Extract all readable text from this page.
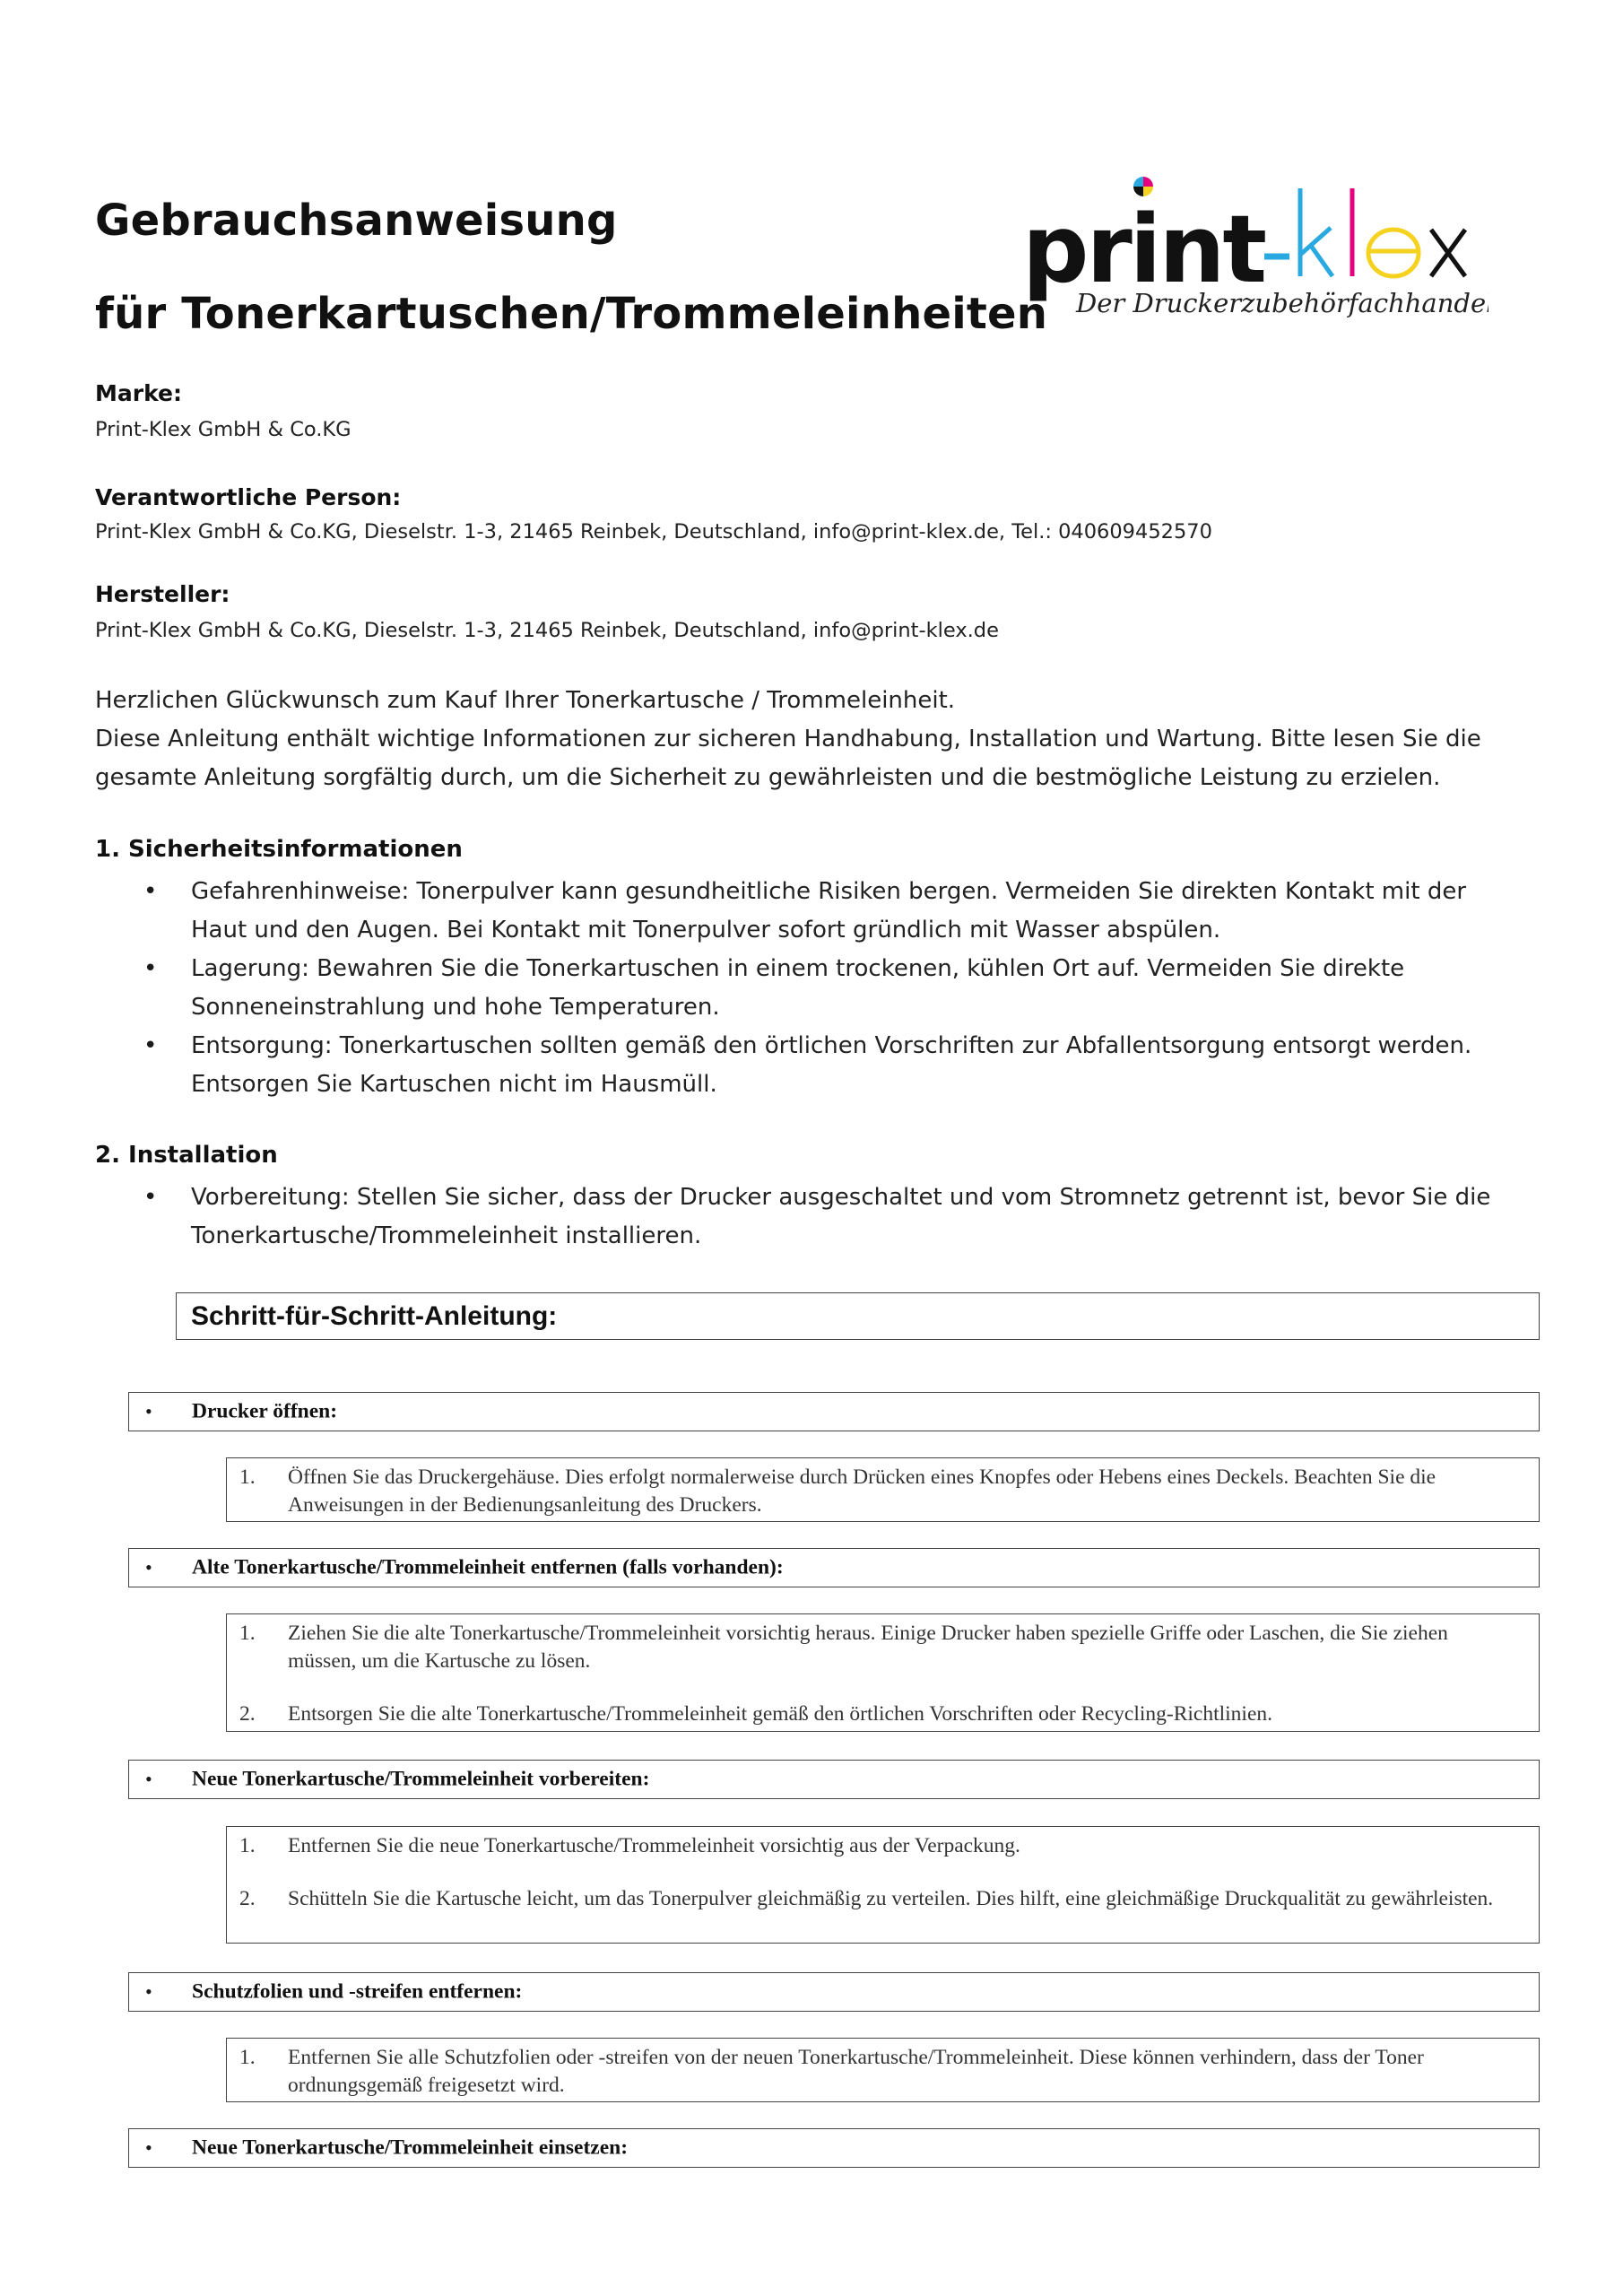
Gebrauchsanweisung
für Tonerkartuschen/Trommeleinheiten
print
Der Druckerzubehörfachhandel
Marke:
Print-Klex GmbH & Co.KG
Verantwortliche Person:
Print-Klex GmbH & Co.KG, Dieselstr. 1-3, 21465 Reinbek, Deutschland, info@print-klex.de, Tel.: 040609452570
Hersteller:
Print-Klex GmbH & Co.KG, Dieselstr. 1-3, 21465 Reinbek, Deutschland, info@print-klex.de
Herzlichen Glückwunsch zum Kauf Ihrer Tonerkartusche / Trommeleinheit.
Diese Anleitung enthält wichtige Informationen zur sicheren Handhabung, Installation und Wartung. Bitte lesen Sie die gesamte Anleitung sorgfältig durch, um die Sicherheit zu gewährleisten und die bestmögliche Leistung zu erzielen.
1. Sicherheitsinformationen
• Gefahrenhinweise: Tonerpulver kann gesundheitliche Risiken bergen. Vermeiden Sie direkten Kontakt mit der Haut und den Augen. Bei Kontakt mit Tonerpulver sofort gründlich mit Wasser abspülen.
• Lagerung: Bewahren Sie die Tonerkartuschen in einem trockenen, kühlen Ort auf. Vermeiden Sie direkte Sonneneinstrahlung und hohe Temperaturen.
• Entsorgung: Tonerkartuschen sollten gemäß den örtlichen Vorschriften zur Abfallentsorgung entsorgt werden. Entsorgen Sie Kartuschen nicht im Hausmüll.
2. Installation
• Vorbereitung: Stellen Sie sicher, dass der Drucker ausgeschaltet und vom Stromnetz getrennt ist, bevor Sie die Tonerkartusche/Trommeleinheit installieren.
Schritt-für-Schritt-Anleitung:
• Drucker öffnen:
1.	Öffnen Sie das Druckergehäuse. Dies erfolgt normalerweise durch Drücken eines Knopfes oder Hebens eines Deckels. Beachten Sie die Anweisungen in der Bedienungsanleitung des Druckers.
• Alte Tonerkartusche/Trommeleinheit entfernen (falls vorhanden):
1.	Ziehen Sie die alte Tonerkartusche/Trommeleinheit vorsichtig heraus. Einige Drucker haben spezielle Griffe oder Laschen, die Sie ziehen müssen, um die Kartusche zu lösen.
2.	Entsorgen Sie die alte Tonerkartusche/Trommeleinheit gemäß den örtlichen Vorschriften oder Recycling-Richtlinien.
• Neue Tonerkartusche/Trommeleinheit vorbereiten:
1.	Entfernen Sie die neue Tonerkartusche/Trommeleinheit vorsichtig aus der Verpackung.
2.	Schütteln Sie die Kartusche leicht, um das Tonerpulver gleichmäßig zu verteilen. Dies hilft, eine gleichmäßige Druckqualität zu gewährleisten.
• Schutzfolien und -streifen entfernen:
1.	Entfernen Sie alle Schutzfolien oder -streifen von der neuen Tonerkartusche/Trommeleinheit. Diese können verhindern, dass der Toner ordnungsgemäß freigesetzt wird.
• Neue Tonerkartusche/Trommeleinheit einsetzen:
